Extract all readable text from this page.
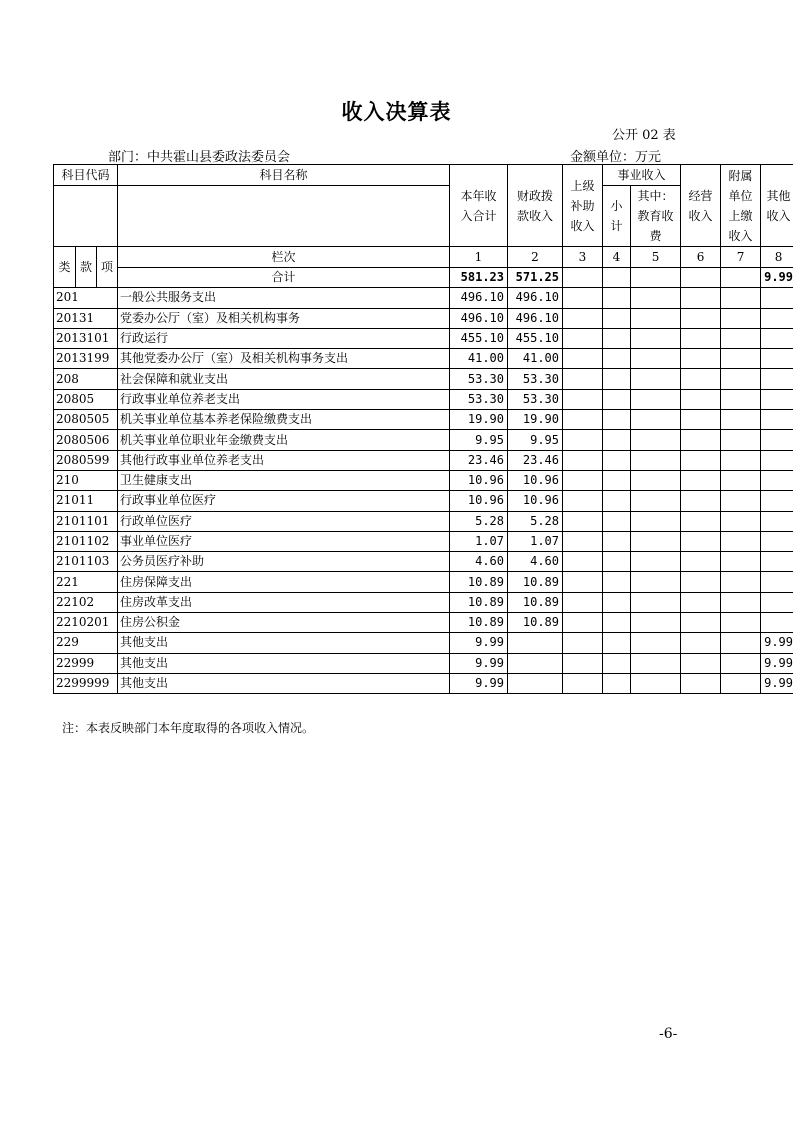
收入决算表
公开 02 表
部门：中共霍山县委政法委员会	金额单位：万元
科目代码			科目名称	本年收入合计	财政拨款收入	上级补助收入	事业收入		经营收入	附属单位上缴收入	其他收入
							小计	其中：教育收费			

类	款	项	栏次	1	2	3	4	5	6	7	8
			合计	581.23	571.25						9.99
201			一般公共服务支出	496.10	496.10						
20131			党委办公厅（室）及相关机构事务	496.10	496.10						
2013101			行政运行	455.10	455.10						
2013199			其他党委办公厅（室）及相关机构事务支出	41.00	41.00						
208			社会保障和就业支出	53.30	53.30						
20805			行政事业单位养老支出	53.30	53.30						
2080505			机关事业单位基本养老保险缴费支出	19.90	19.90						
2080506			机关事业单位职业年金缴费支出	9.95	9.95						
2080599			其他行政事业单位养老支出	23.46	23.46						
210			卫生健康支出	10.96	10.96						
21011			行政事业单位医疗	10.96	10.96						
2101101			行政单位医疗	5.28	5.28						
2101102			事业单位医疗	1.07	1.07						
2101103			公务员医疗补助	4.60	4.60						
221			住房保障支出	10.89	10.89						
22102			住房改革支出	10.89	10.89						
2210201			住房公积金	10.89	10.89						
229			其他支出	9.99							9.99
22999			其他支出	9.99							9.99
2299999			其他支出	9.99							9.99
注：本表反映部门本年度取得的各项收入情况。
-6-
